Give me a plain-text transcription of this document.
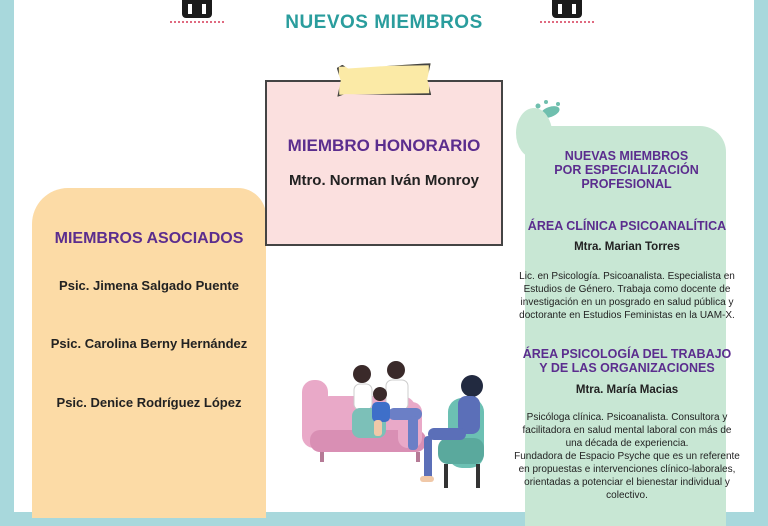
NUEVOS MIEMBROS
MIEMBROS ASOCIADOS
Psic. Jimena Salgado Puente
Psic. Carolina Berny Hernández
Psic. Denice Rodríguez López
MIEMBRO HONORARIO
Mtro. Norman Iván Monroy
NUEVAS MIEMBROS
POR ESPECIALIZACIÓN
PROFESIONAL
ÁREA CLÍNICA PSICOANALÍTICA
Mtra. Marian Torres

Lic. en Psicología. Psicoanalista. Especialista en Estudios de Género. Trabaja como docente de investigación en un posgrado en salud pública y doctorante en Estudios Feministas en la UAM-X.

ÁREA PSICOLOGÍA DEL TRABAJO
Y DE LAS ORGANIZACIONES
Mtra. María Macias

Psicóloga clínica. Psicoanalista. Consultora y facilitadora en salud mental laboral con más de una década de experiencia.

Fundadora de Espacio Psyche que es un referente en propuestas e intervenciones clínico-laborales, orientadas a potenciar el bienestar individual y colectivo.
